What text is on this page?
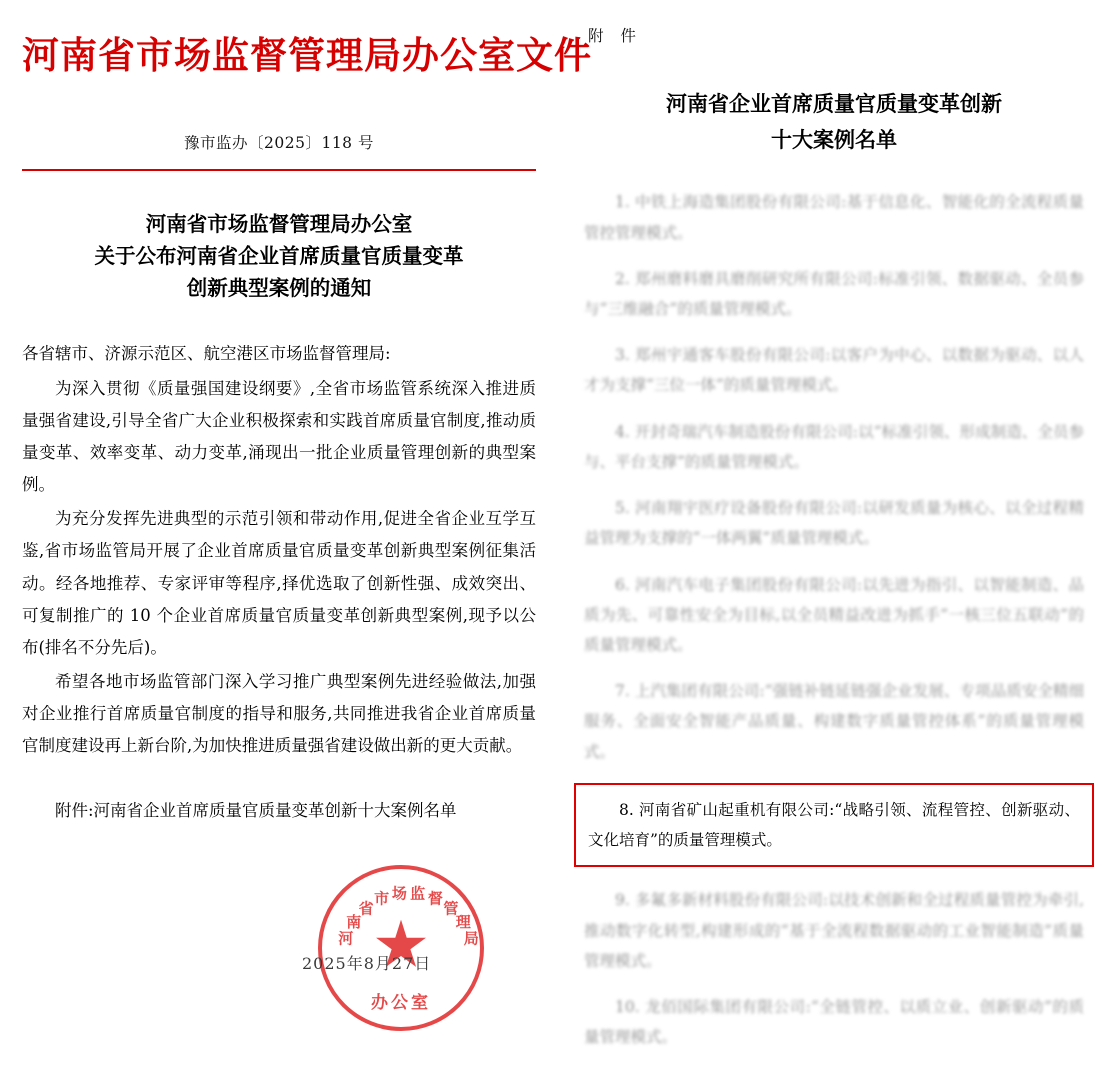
河南省市场监督管理局办公室文件
豫市监办〔2025〕118 号
河南省市场监督管理局办公室
关于公布河南省企业首席质量官质量变革
创新典型案例的通知

各省辖市、济源示范区、航空港区市场监督管理局:

为深入贯彻《质量强国建设纲要》,全省市场监管系统深入推进质量强省建设,引导全省广大企业积极探索和实践首席质量官制度,推动质量变革、效率变革、动力变革,涌现出一批企业质量管理创新的典型案例。

为充分发挥先进典型的示范引领和带动作用,促进全省企业互学互鉴,省市场监管局开展了企业首席质量官质量变革创新典型案例征集活动。经各地推荐、专家评审等程序,择优选取了创新性强、成效突出、可复制推广的 10 个企业首席质量官质量变革创新典型案例,现予以公布(排名不分先后)。

希望各地市场监管部门深入学习推广典型案例先进经验做法,加强对企业推行首席质量官制度的指导和服务,共同推进我省企业首席质量官制度建设再上新台阶,为加快推进质量强省建设做出新的更大贡献。

附件:河南省企业首席质量官质量变革创新十大案例名单
2025年8月27日
河
南
省
市 场 监 督
管
理
局
办公室
附 件
河南省企业首席质量官质量变革创新
十大案例名单
1. 中铁上海造集团股份有限公司:基于信息化、智能化的全流程质量管控管理模式。
2. 郑州磨料磨具磨削研究所有限公司:标准引领、数据驱动、全员参与“三维融合”的质量管理模式。
3. 郑州宇通客车股份有限公司:以客户为中心、以数据为驱动、以人才为支撑“三位一体”的质量管理模式。
4. 开封奇瑞汽车制造股份有限公司:以“标准引领、形成制造、全员参与、平台支撑”的质量管理模式。
5. 河南翔宇医疗设备股份有限公司:以研发质量为核心、以全过程精益管理为支撑的“一体两翼”质量管理模式。
6. 河南汽车电子集团股份有限公司:以先进为指引、以智能制造、品质为先、可靠性安全为目标,以全员精益改进为抓手“一核三位五联动”的质量管理模式。
7. 上汽集团有限公司:“强链补链延链强企业发展、专项品质安全精细服务、全面安全智能产品质量、构建数字质量管控体系”的质量管理模式。
8. 河南省矿山起重机有限公司:“战略引领、流程管控、创新驱动、文化培育”的质量管理模式。
9. 多氟多新材料股份有限公司:以技术创新和全过程质量管控为牵引,推动数字化转型,构建形成的“基于全流程数据驱动的工业智能制造”质量管理模式。
10. 龙佰国际集团有限公司:“全链管控、以质立业、创新驱动”的质量管理模式。
